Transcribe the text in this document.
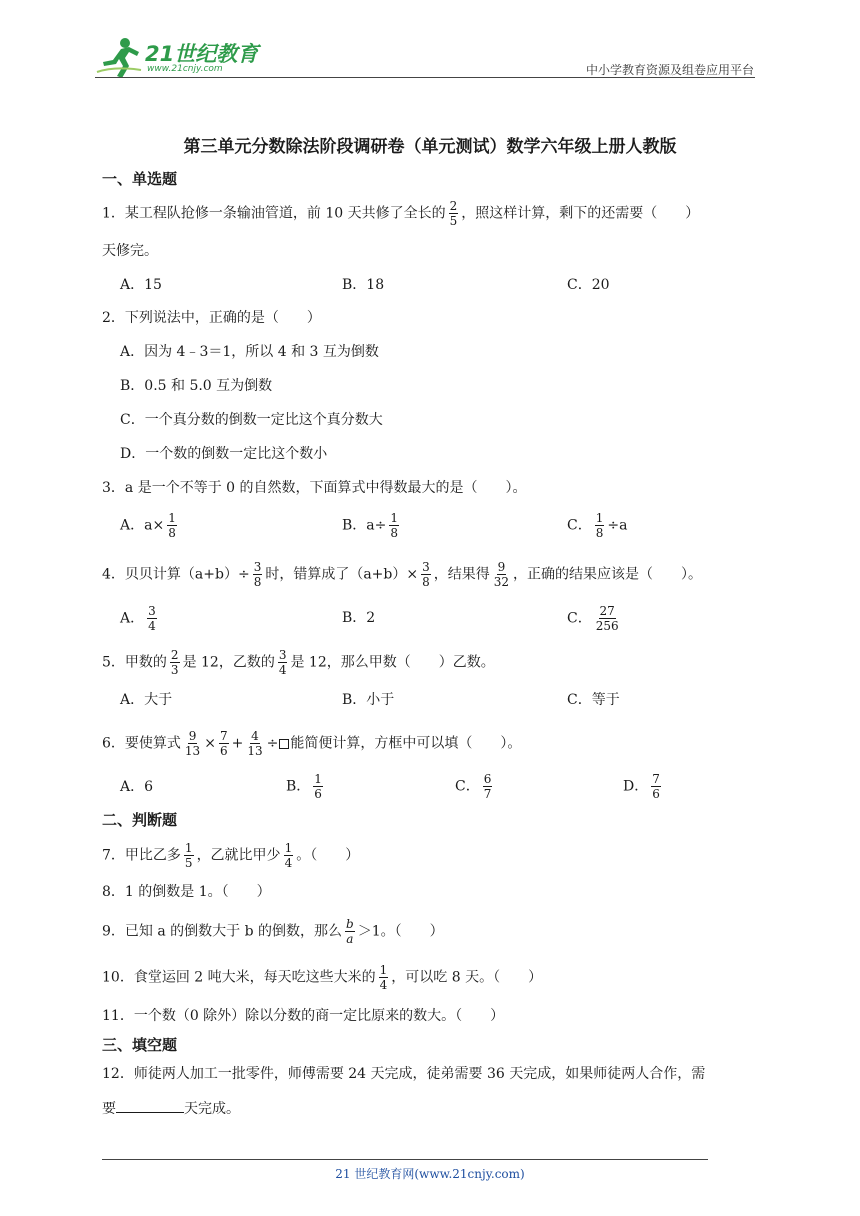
21世纪教育
www.21cnjy.com	中小学教育资源及组卷应用平台
第三单元分数除法阶段调研卷（单元测试）数学六年级上册人教版
一、单选题
1．某工程队抢修一条输油管道，前 10 天共修了全长的 $\frac{2}{5}$ ，照这样计算，剩下的还需要（　　）
天修完。
A．15	B．18	C．20
2．下列说法中，正确的是（　　）
A．因为 4﹣3＝1，所以 4 和 3 互为倒数
B．0.5 和 5.0 互为倒数
C．一个真分数的倒数一定比这个真分数大
D．一个数的倒数一定比这个数小
3．a 是一个不等于 0 的自然数，下面算式中得数最大的是（　　）。
A．$a\times \frac{1}{8}$	B．$a\div \frac{1}{8}$	C． $\frac{1}{8} \div a$
4．贝贝计算$(a+b)\div \frac{3}{8}$ 时，错算成了$(a+b)\times \frac{3}{8}$ ，结果得 $\frac{9}{32}$ ，正确的结果应该是（　　）。
A． $\frac{3}{4}$	B．2	C． $\frac{27}{256}$
5．甲数的 $\frac{2}{3}$ 是 12，乙数的 $\frac{3}{4}$ 是 12，那么甲数（　　）乙数。
A．大于	B．小于	C．等于
6．要使算式 $\frac{9}{13} \times \frac{7}{6} + \frac{4}{13}$ ÷ 能简便计算，方框中可以填（　　）。
A．6	B． $\frac{1}{6}$	C． $\frac{6}{7}$	D． $\frac{7}{6}$
二、判断题
7．甲比乙多 $\frac{1}{5}$ ，乙就比甲少 $\frac{1}{4}$ 。（　　）
8．1 的倒数是 1。（　　）
9．已知 a 的倒数大于 b 的倒数，那么 $\frac{b}{a} >1$。（　　）
10．食堂运回 2 吨大米，每天吃这些大米的 $\frac{1}{4}$ ，可以吃 8 天。（　　）
11．一个数（0 除外）除以分数的商一定比原来的数大。（　　）
三、填空题
12．师徒两人加工一批零件，师傅需要 24 天完成，徒弟需要 36 天完成，如果师徒两人合作，需
要	天完成。
21 世纪教育网(www.21cnjy.com)
